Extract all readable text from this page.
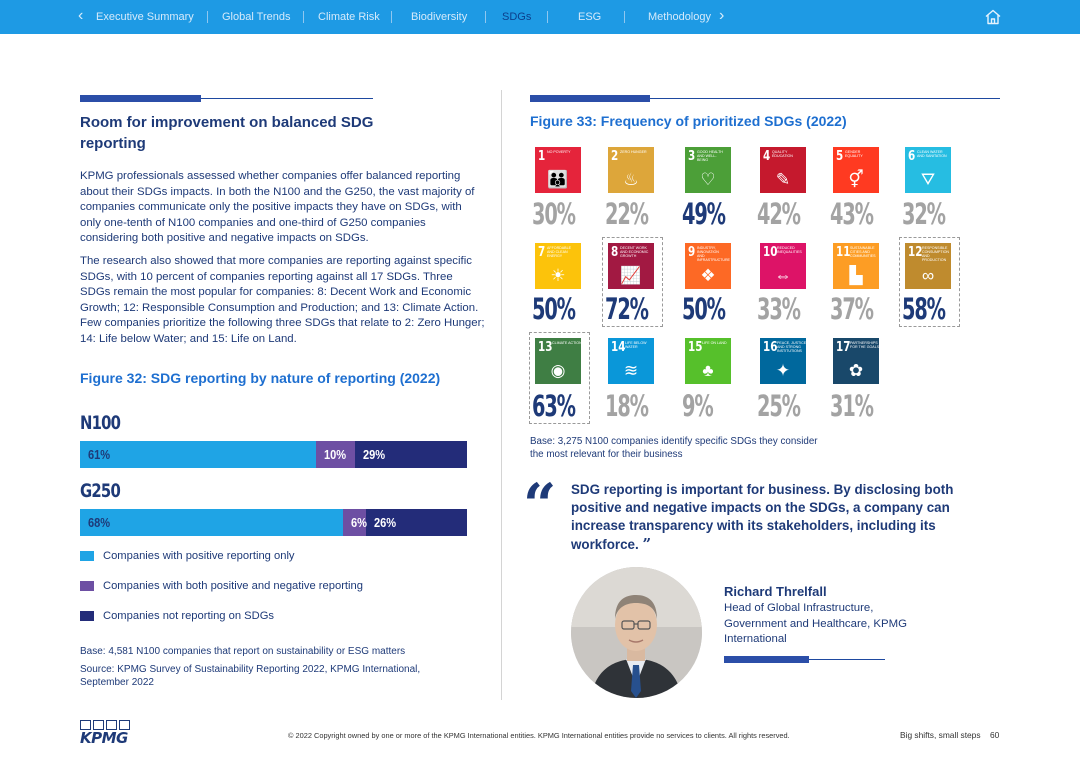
‹ Executive Summary	Global Trends	Climate Risk	Biodiversity	SDGs	ESG	Methodology ›
Room for improvement on balanced SDG reporting
KPMG professionals assessed whether companies offer balanced reporting about their SDGs impacts. In both the N100 and the G250, the vast majority of companies communicate only the positive impacts they have on SDGs, with only one-tenth of N100 companies and one-third of G250 companies considering both positive and negative impacts on SDGs.
The research also showed that more companies are reporting against specific SDGs, with 10 percent of companies reporting against all 17 SDGs. Three SDGs remain the most popular for companies: 8: Decent Work and Economic Growth; 12: Responsible Consumption and Production; and 13: Climate Action. Few companies prioritize the following three SDGs that relate to 2: Zero Hunger; 14: Life below Water; and 15: Life on Land.
Figure 32: SDG reporting by nature of reporting (2022)
N100
61%	10% 29%
G250
68%	6% 26%
Companies with positive reporting only
Companies with both positive and negative reporting
Companies not reporting on SDGs
Base: 4,581 N100 companies that report on sustainability or ESG matters
Source: KPMG Survey of Sustainability Reporting 2022, KPMG International, September 2022
Figure 33: Frequency of prioritized SDGs (2022)
1 NO POVERTY
👪
30%
2 ZERO HUNGER
♨
22%
3 GOOD HEALTH AND WELL-BEING
♡
49%
4 QUALITY EDUCATION
✎
42%
5 GENDER EQUALITY
⚥
43%
6 CLEAN WATER AND SANITATION
⛛
32%
7 AFFORDABLE AND CLEAN ENERGY
☀
50%
8 DECENT WORK AND ECONOMIC GROWTH
📈
72%
9 INDUSTRY, INNOVATION AND INFRASTRUCTURE
❖
50%
10 REDUCED INEQUALITIES
⇔
33%
11 SUSTAINABLE CITIES AND COMMUNITIES
▙
37%
12 RESPONSIBLE CONSUMPTION AND PRODUCTION
∞
58%
13 CLIMATE ACTION
◉
63%
14 LIFE BELOW WATER
≋
18%
15 LIFE ON LAND
♣
9%
16 PEACE, JUSTICE AND STRONG INSTITUTIONS
✦
25%
17 PARTNERSHIPS FOR THE GOALS
✿
31%
Base: 3,275 N100 companies identify specific SDGs they consider the most relevant for their business
“ SDG reporting is important for business. By disclosing both positive and negative impacts on the SDGs, a company can increase transparency with its stakeholders, including its workforce. ”
Richard Threlfall
Head of Global Infrastructure, Government and Healthcare, KPMG International
KPMG	© 2022 Copyright owned by one or more of the KPMG International entities. KPMG International entities provide no services to clients. All rights reserved.	Big shifts, small steps 60
